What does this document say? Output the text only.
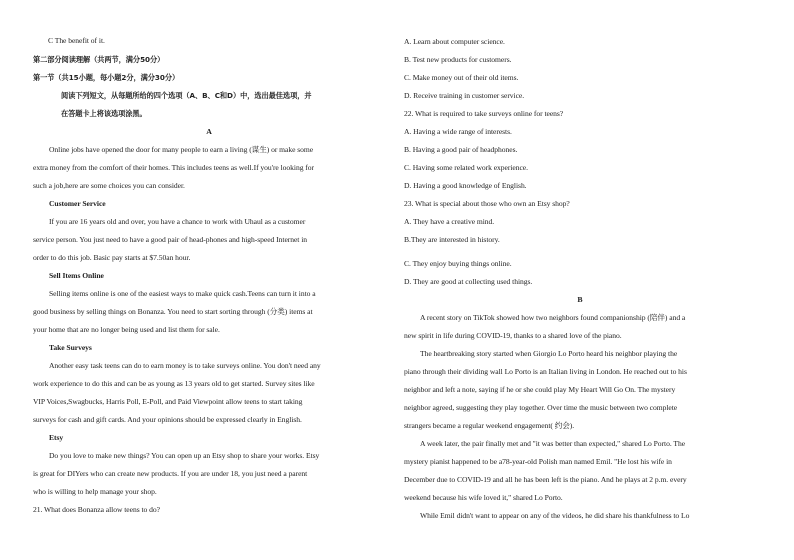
C The benefit of it.
第二部分阅读理解（共两节，满分50分）
第一节（共15小题，每小题2分，满分30分）
阅读下列短文，从每题所给的四个选项（A、B、C和D）中，选出最佳选项，并
在答题卡上将该选项涂黑。
A
Online jobs have opened the door for many people to earn a living (谋生) or make some
extra money from the comfort of their homes. This includes teens as well.If you're looking for
such a job,here are some choices you can consider.
Customer Service
If you are 16 years old and over, you have a chance to work with Uhaul as a customer
service person. You just need to have a good pair of head-phones and high-speed Internet in
order to do this job. Basic pay starts at $7.50an hour.
Sell Items Online
Selling items online is one of the easiest ways to make quick cash.Teens can turn it into a
good business by selling things on Bonanza. You need to start sorting through (分类) items at
your home that are no longer being used and list them for sale.
Take Surveys
Another easy task teens can do to earn money is to take surveys online. You don't need any
work experience to do this and can be as young as 13 years old to get started. Survey sites like
VIP Voices,Swagbucks, Harris Poll, E-Poll, and Paid Viewpoint allow teens to start taking
surveys for cash and gift cards. And your opinions should be expressed clearly in English.
Etsy
Do you love to make new things? You can open up an Etsy shop to share your works. Etsy
is great for DIYers who can create new products. If you are under 18, you just need a parent
who is willing to help manage your shop.
21. What does Bonanza allow teens to do?
A. Learn about computer science.
B. Test new products for customers.
C. Make money out of their old items.
D. Receive training in customer service.
22. What is required to take surveys online for teens?
A. Having a wide range of interests.
B. Having a good pair of headphones.
C. Having some related work experience.
D. Having a good knowledge of English.
23. What is special about those who own an Etsy shop?
A. They have a creative mind.
B.They are interested in history.
C. They enjoy buying things online.
D. They are good at collecting used things.
B
A recent story on TikTok showed how two neighbors found companionship (陪伴) and a
new spirit in life during COVID-19, thanks to a shared love of the piano.
The heartbreaking story started when Giorgio Lo Porto heard his neighbor playing the
piano through their dividing wall Lo Porto is an Italian living in London. He reached out to his
neighbor and left a note, saying if he or she could play My Heart Will Go On. The mystery
neighbor agreed, suggesting they play together. Over time the music between two complete
strangers became a regular weekend engagement( 约会).
A week later, the pair finally met and "it was better than expected," shared Lo Porto. The
mystery pianist happened to be a78-year-old Polish man named Emil. "He lost his wife in
December due to COVID-19 and all he has been left is the piano. And he plays at 2 p.m. every
weekend because his wife loved it," shared Lo Porto.
While Emil didn't want to appear on any of the videos, he did share his thankfulness to Lo
